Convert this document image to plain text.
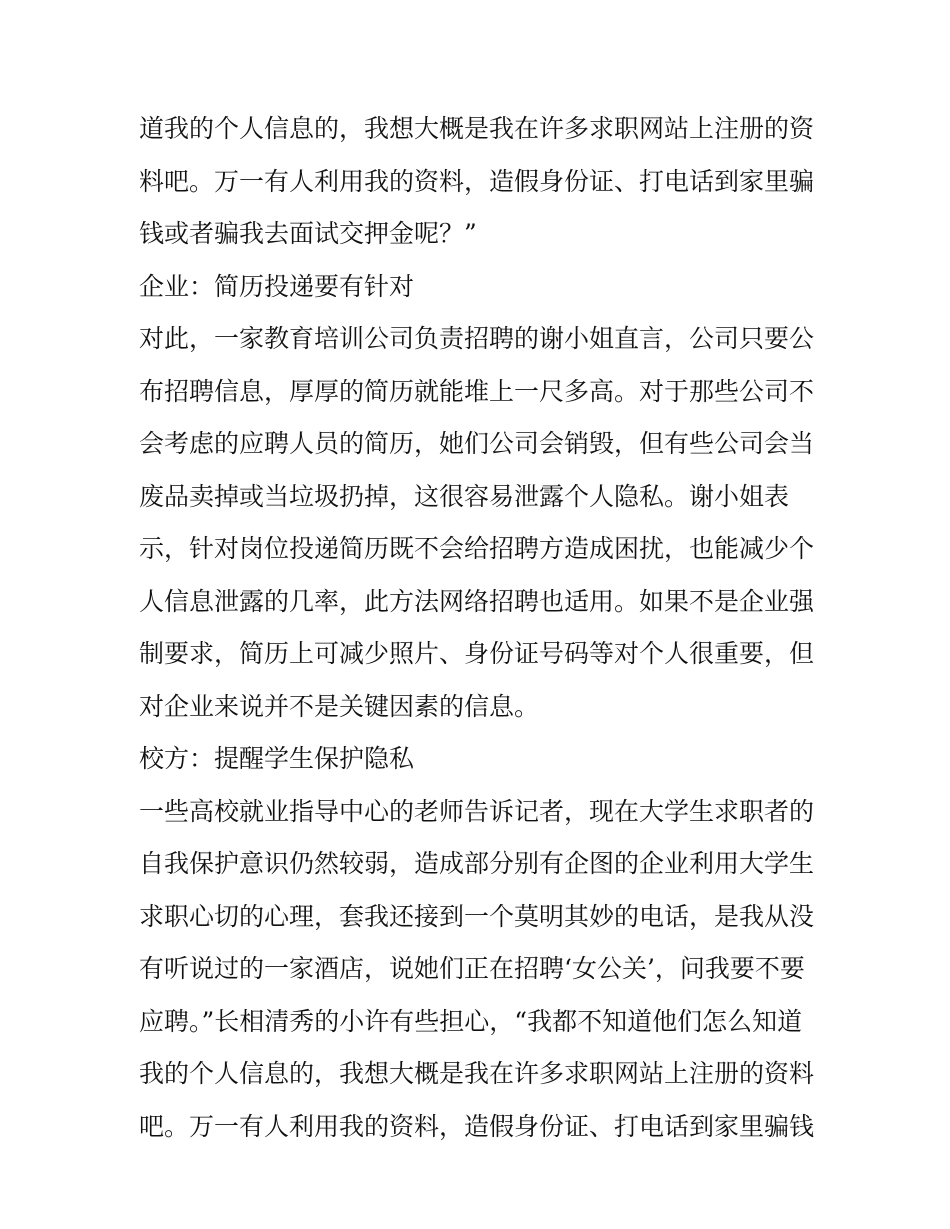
道我的个人信息的，我想大概是我在许多求职网站上注册的资
料吧。万一有人利用我的资料，造假身份证、打电话到家里骗
钱或者骗我去面试交押金呢？”
企业：简历投递要有针对
对此，一家教育培训公司负责招聘的谢小姐直言，公司只要公
布招聘信息，厚厚的简历就能堆上一尺多高。对于那些公司不
会考虑的应聘人员的简历，她们公司会销毁，但有些公司会当
废品卖掉或当垃圾扔掉，这很容易泄露个人隐私。谢小姐表
示，针对岗位投递简历既不会给招聘方造成困扰，也能减少个
人信息泄露的几率，此方法网络招聘也适用。如果不是企业强
制要求，简历上可减少照片、身份证号码等对个人很重要，但
对企业来说并不是关键因素的信息。
校方：提醒学生保护隐私
一些高校就业指导中心的老师告诉记者，现在大学生求职者的
自我保护意识仍然较弱，造成部分别有企图的企业利用大学生
求职心切的心理，套我还接到一个莫明其妙的电话，是我从没
有听说过的一家酒店，说她们正在招聘‘女公关’，问我要不要
应聘。”长相清秀的小许有些担心，“我都不知道他们怎么知道
我的个人信息的，我想大概是我在许多求职网站上注册的资料
吧。万一有人利用我的资料，造假身份证、打电话到家里骗钱
